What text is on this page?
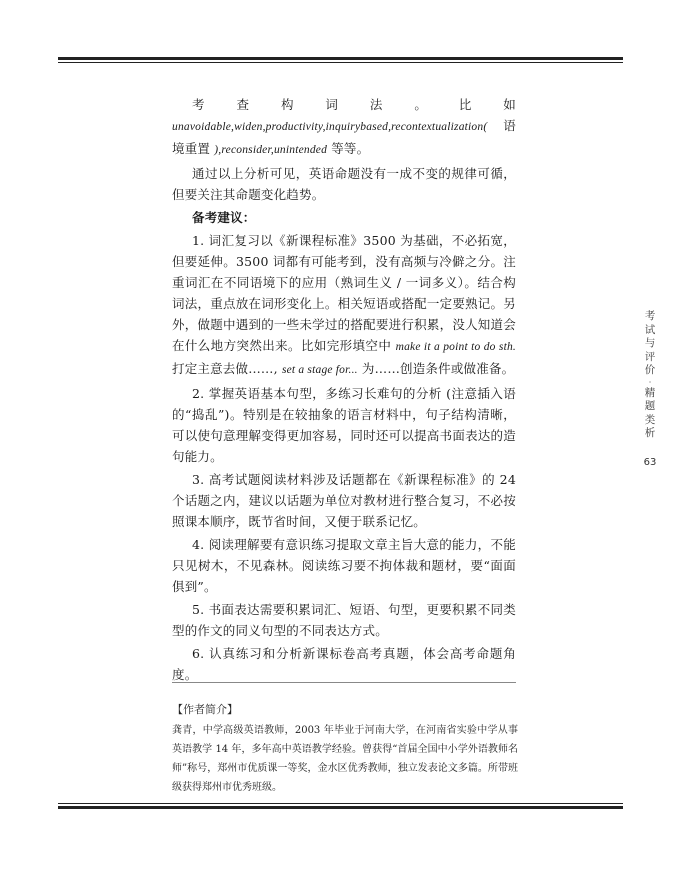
考查构词法。比如 unavoidable,widen,productivity,inquirybased,recontextualization( 语境重置 ),reconsider,unintended 等等。

通过以上分析可见，英语命题没有一成不变的规律可循，但要关注其命题变化趋势。

备考建议：

1. 词汇复习以《新课程标准》3500 为基础，不必拓宽，但要延伸。3500 词都有可能考到，没有高频与冷僻之分。注重词汇在不同语境下的应用（熟词生义 / 一词多义）。结合构词法，重点放在词形变化上。相关短语或搭配一定要熟记。另外，做题中遇到的一些未学过的搭配要进行积累，没人知道会在什么地方突然出来。比如完形填空中 make it a point to do sth. 打定主意去做……, set a stage for... 为……创造条件或做准备。

2. 掌握英语基本句型，多练习长难句的分析 (注意插入语的“捣乱”)。特别是在较抽象的语言材料中，句子结构清晰，可以使句意理解变得更加容易，同时还可以提高书面表达的造句能力。

3. 高考试题阅读材料涉及话题都在《新课程标准》的 24 个话题之内，建议以话题为单位对教材进行整合复习，不必按照课本顺序，既节省时间，又便于联系记忆。

4. 阅读理解要有意识练习提取文章主旨大意的能力，不能只见树木，不见森林。阅读练习要不拘体裁和题材，要“面面俱到”。

5. 书面表达需要积累词汇、短语、句型，更要积累不同类型的作文的同义句型的不同表达方式。

6. 认真练习和分析新课标卷高考真题，体会高考命题角度。

考试与评价
·
精题类析
63
【作者简介】
龚青，中学高级英语教师，2003 年毕业于河南大学，在河南省实验中学从事英语教学 14 年，多年高中英语教学经验。曾获得“首届全国中小学外语教师名师”称号，郑州市优质课一等奖，金水区优秀教师，独立发表论文多篇。所带班级获得郑州市优秀班级。
